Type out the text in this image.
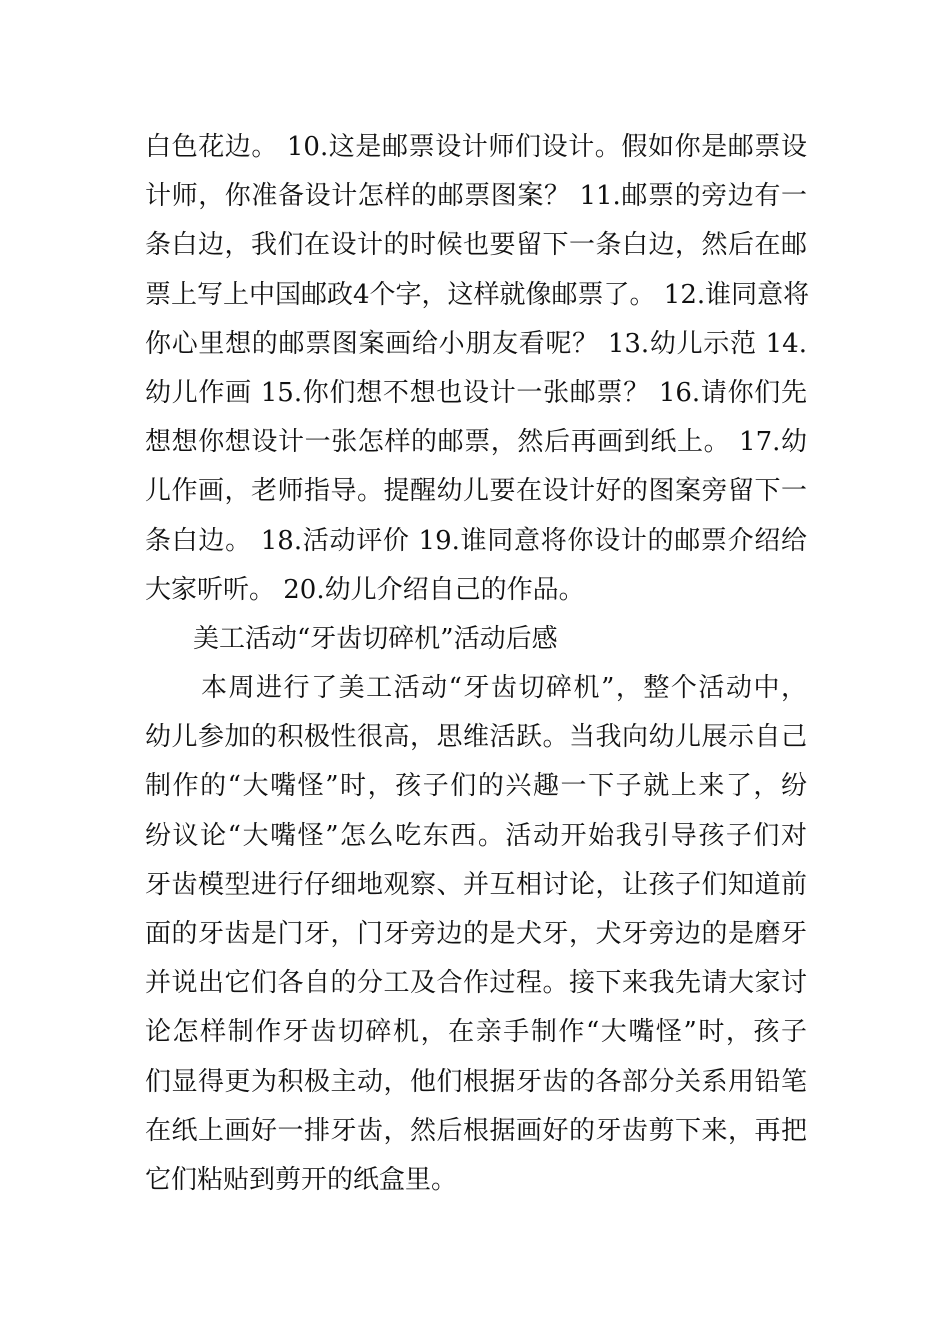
白色花边。 10.这是邮票设计师们设计。假如你是邮票设
计师，你准备设计怎样的邮票图案？ 11.邮票的旁边有一
条白边，我们在设计的时候也要留下一条白边，然后在邮
票上写上中国邮政4个字，这样就像邮票了。 12.谁同意将
你心里想的邮票图案画给小朋友看呢？ 13.幼儿示范 14.
幼儿作画 15.你们想不想也设计一张邮票？ 16.请你们先
想想你想设计一张怎样的邮票，然后再画到纸上。 17.幼
儿作画，老师指导。提醒幼儿要在设计好的图案旁留下一
条白边。 18.活动评价 19.谁同意将你设计的邮票介绍给
大家听听。 20.幼儿介绍自己的作品。
美工活动“牙齿切碎机”活动后感
本周进行了美工活动“牙齿切碎机”，整个活动中，
幼儿参加的积极性很高，思维活跃。当我向幼儿展示自己
制作的“大嘴怪”时，孩子们的兴趣一下子就上来了，纷
纷议论“大嘴怪”怎么吃东西。活动开始我引导孩子们对
牙齿模型进行仔细地观察、并互相讨论，让孩子们知道前
面的牙齿是门牙，门牙旁边的是犬牙，犬牙旁边的是磨牙
并说出它们各自的分工及合作过程。接下来我先请大家讨
论怎样制作牙齿切碎机，在亲手制作“大嘴怪”时，孩子
们显得更为积极主动，他们根据牙齿的各部分关系用铅笔
在纸上画好一排牙齿，然后根据画好的牙齿剪下来，再把
它们粘贴到剪开的纸盒里。
